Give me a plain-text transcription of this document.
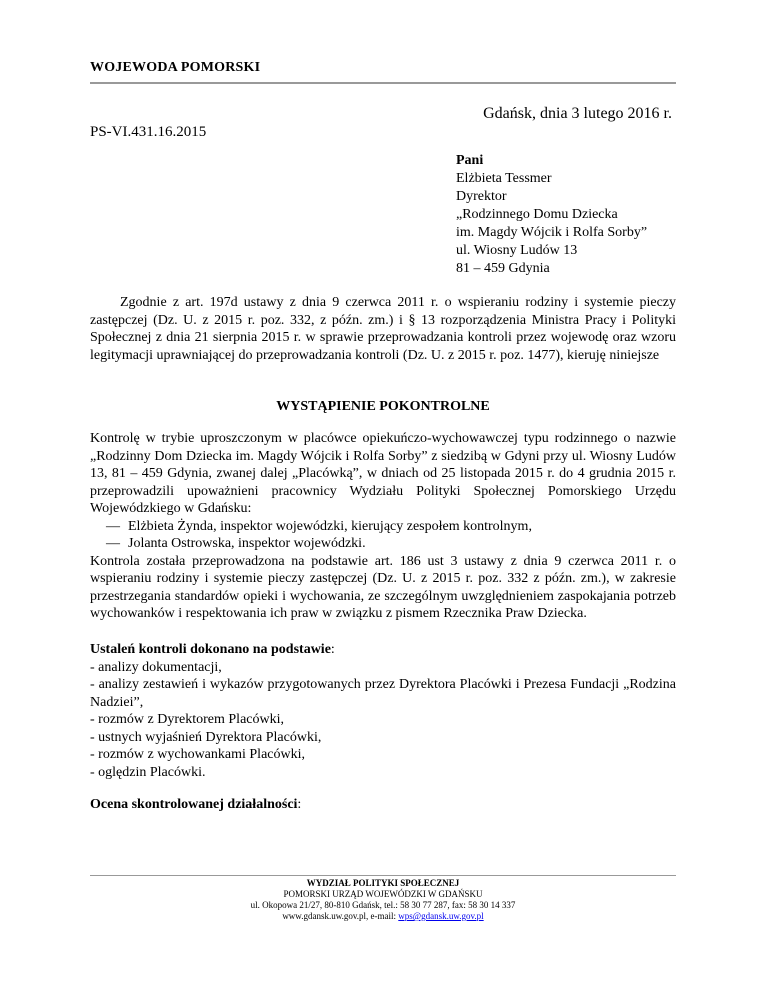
WOJEWODA POMORSKI
Gdańsk, dnia 3 lutego 2016 r.
PS-VI.431.16.2015
Pani
Elżbieta Tessmer
Dyrektor
„Rodzinnego Domu Dziecka
im. Magdy Wójcik i Rolfa Sorby”
ul. Wiosny Ludów 13
81 – 459 Gdynia
Zgodnie z art. 197d ustawy z dnia 9 czerwca 2011 r. o wspieraniu rodziny i systemie pieczy zastępczej (Dz. U. z 2015 r. poz. 332, z późn. zm.) i § 13 rozporządzenia Ministra Pracy i Polityki Społecznej z dnia 21 sierpnia 2015 r. w sprawie przeprowadzania kontroli przez wojewodę oraz wzoru legitymacji uprawniającej do przeprowadzania kontroli (Dz. U. z 2015 r. poz. 1477), kieruję niniejsze
WYSTĄPIENIE POKONTROLNE
Kontrolę w trybie uproszczonym w placówce opiekuńczo-wychowawczej typu rodzinnego o nazwie „Rodzinny Dom Dziecka im. Magdy Wójcik i Rolfa Sorby” z siedzibą w Gdyni przy ul. Wiosny Ludów 13, 81 – 459 Gdynia, zwanej dalej „Placówką”, w dniach od 25 listopada 2015 r. do 4 grudnia 2015 r. przeprowadzili upoważnieni pracownicy Wydziału Polityki Społecznej Pomorskiego Urzędu Wojewódzkiego w Gdańsku:
— Elżbieta Żynda, inspektor wojewódzki, kierujący zespołem kontrolnym,
— Jolanta Ostrowska, inspektor wojewódzki.
Kontrola została przeprowadzona na podstawie art. 186 ust 3 ustawy z dnia 9 czerwca 2011 r. o wspieraniu rodziny i systemie pieczy zastępczej (Dz. U. z 2015 r. poz. 332 z późn. zm.), w zakresie przestrzegania standardów opieki i wychowania, ze szczególnym uwzględnieniem zaspokajania potrzeb wychowanków i respektowania ich praw w związku z pismem Rzecznika Praw Dziecka.
Ustaleń kontroli dokonano na podstawie:
- analizy dokumentacji,
- analizy zestawień i wykazów przygotowanych przez Dyrektora Placówki i Prezesa Fundacji „Rodzina Nadziei”,
- rozmów z Dyrektorem Placówki,
- ustnych wyjaśnień Dyrektora Placówki,
- rozmów z wychowankami Placówki,
- oględzin Placówki.
Ocena skontrolowanej działalności:
WYDZIAŁ POLITYKI SPOŁECZNEJ
POMORSKI URZĄD WOJEWÓDZKI W GDAŃSKU
ul. Okopowa 21/27, 80-810 Gdańsk, tel.: 58 30 77 287, fax: 58 30 14 337
www.gdansk.uw.gov.pl, e-mail: wps@gdansk.uw.gov.pl
